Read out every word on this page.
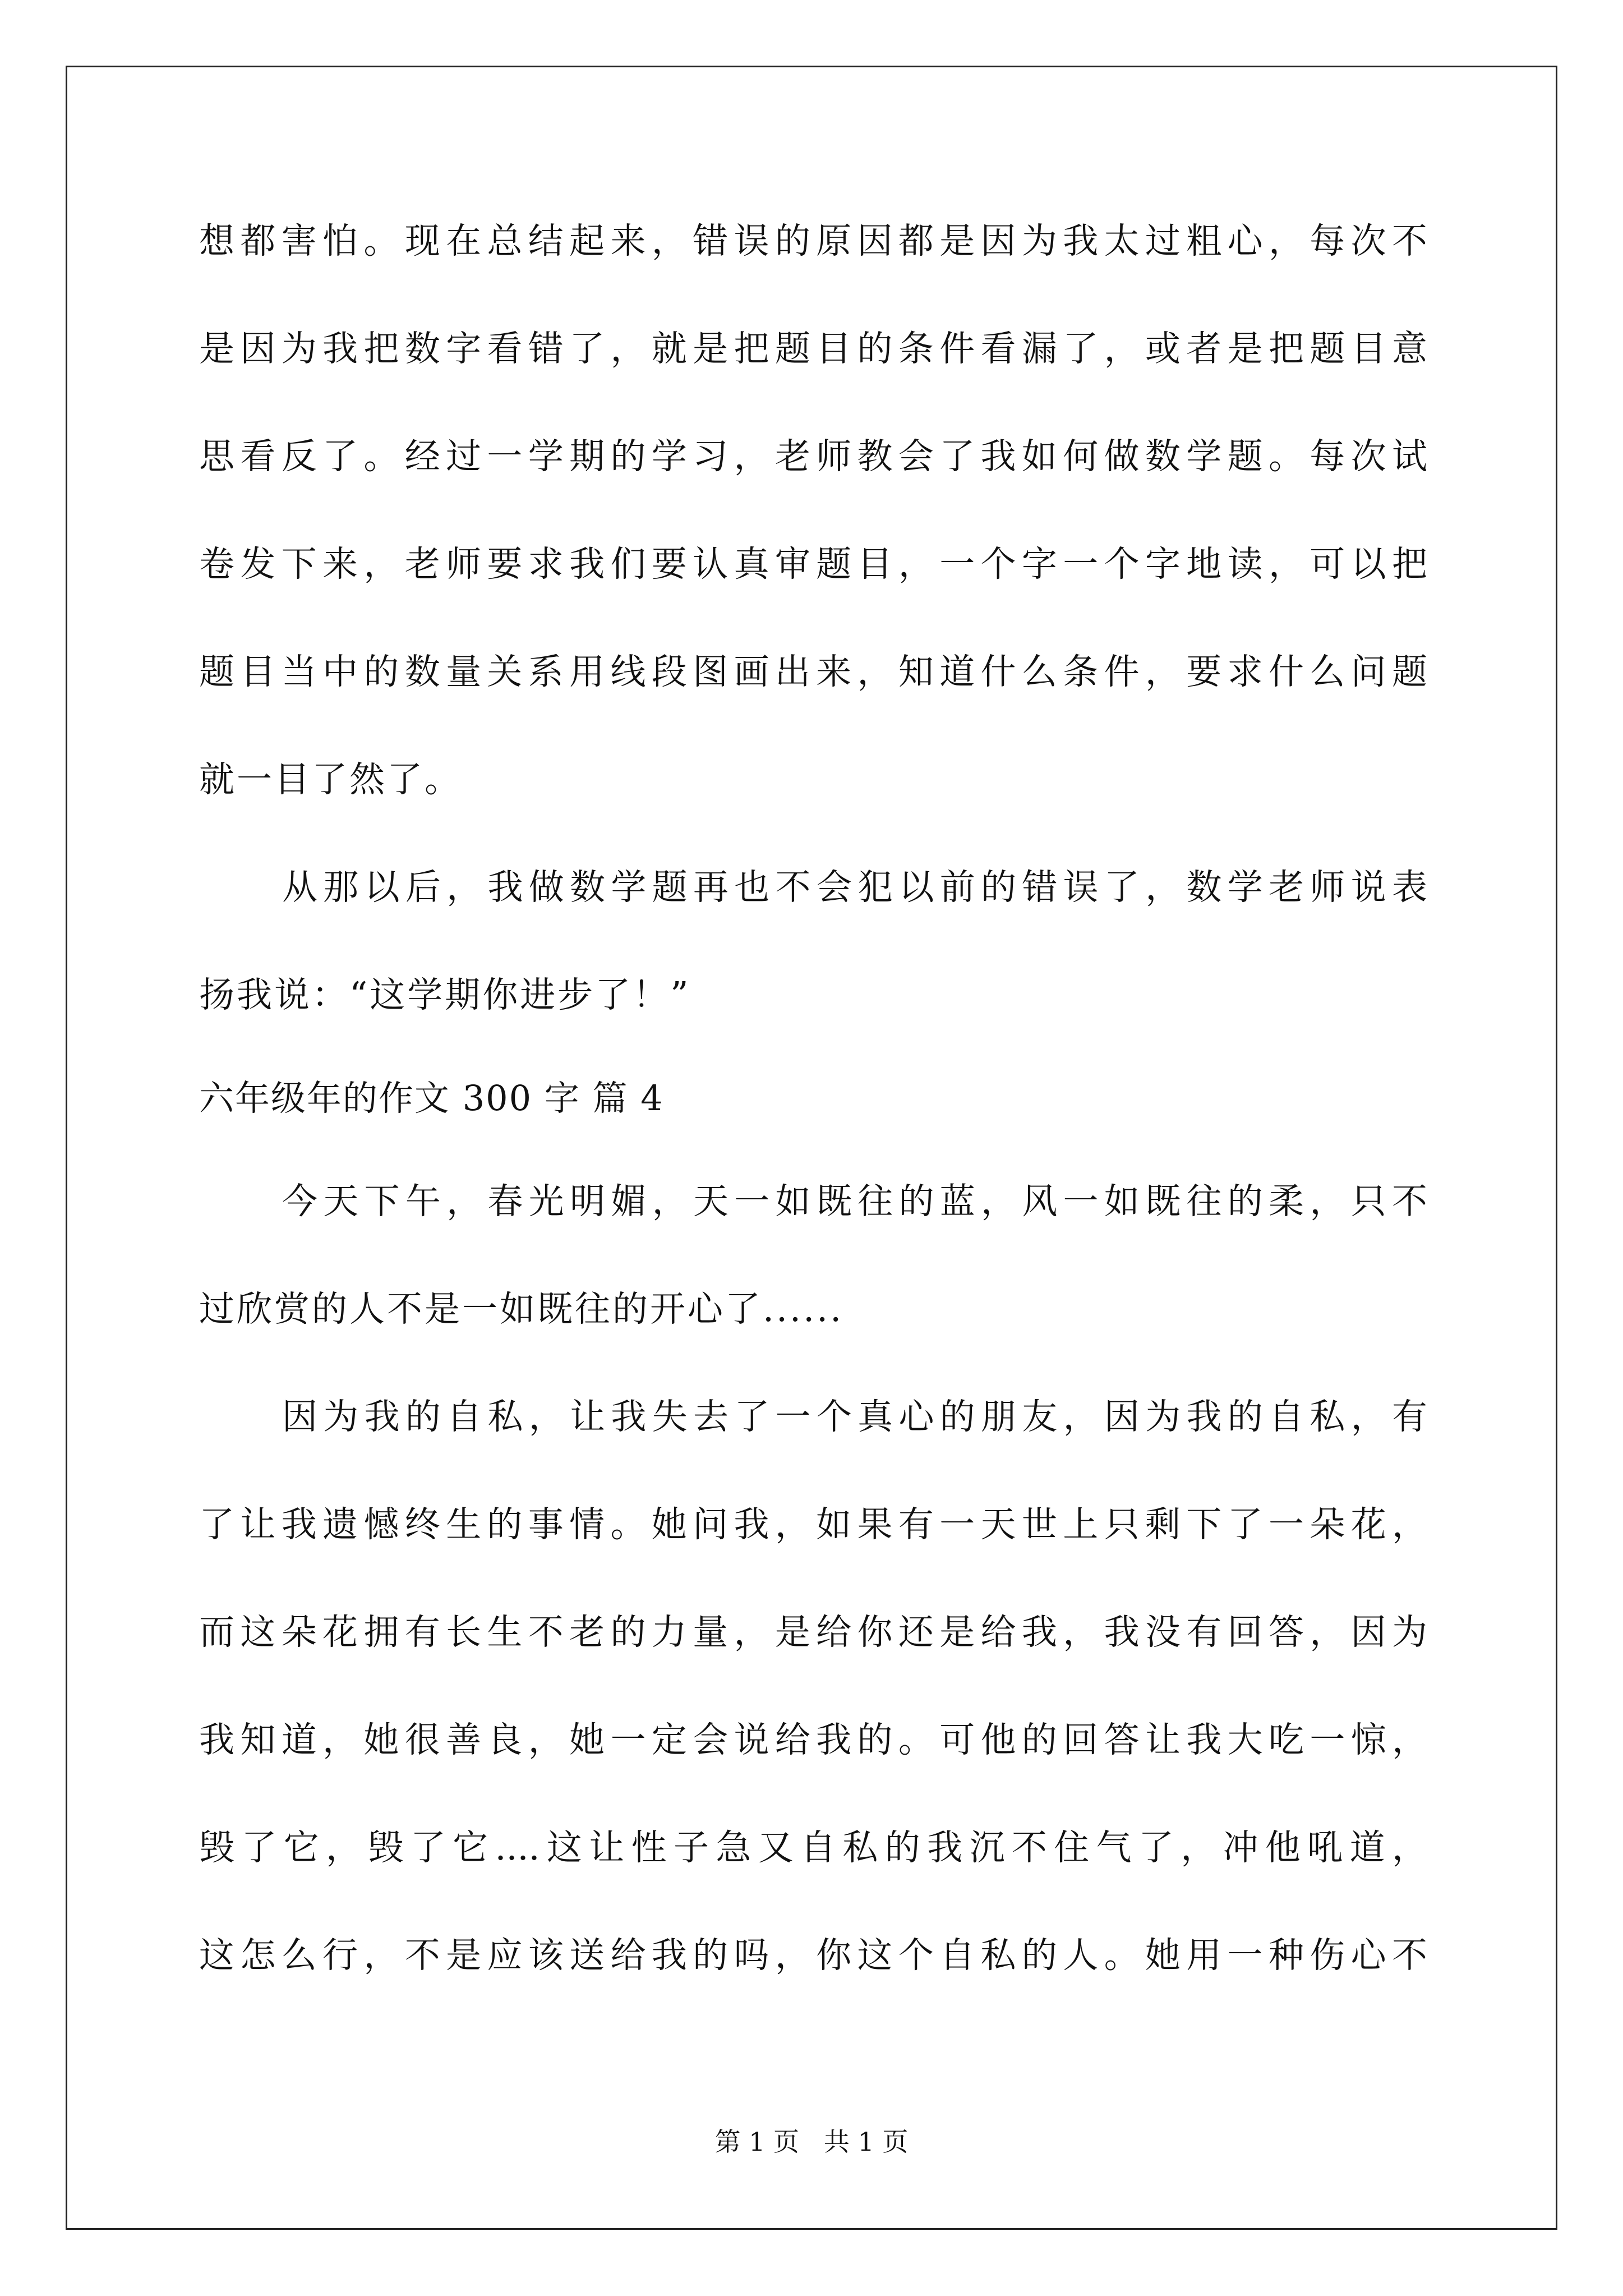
想都害怕。现在总结起来，错误的原因都是因为我太过粗心，每次不
是因为我把数字看错了，就是把题目的条件看漏了，或者是把题目意
思看反了。经过一学期的学习，老师教会了我如何做数学题。每次试
卷发下来，老师要求我们要认真审题目，一个字一个字地读，可以把
题目当中的数量关系用线段图画出来，知道什么条件，要求什么问题
就一目了然了。
从那以后，我做数学题再也不会犯以前的错误了，数学老师说表
扬我说：“这学期你进步了！”
六年级年的作文 300 字 篇 4
今天下午，春光明媚，天一如既往的蓝，风一如既往的柔，只不
过欣赏的人不是一如既往的开心了......
因为我的自私，让我失去了一个真心的朋友，因为我的自私，有
了让我遗憾终生的事情。她问我，如果有一天世上只剩下了一朵花，
而这朵花拥有长生不老的力量，是给你还是给我，我没有回答，因为
我知道，她很善良，她一定会说给我的。可他的回答让我大吃一惊，
毁了它，毁了它....这让性子急又自私的我沉不住气了，冲他吼道，
这怎么行，不是应该送给我的吗，你这个自私的人。她用一种伤心不
第 1 页   共 1 页
